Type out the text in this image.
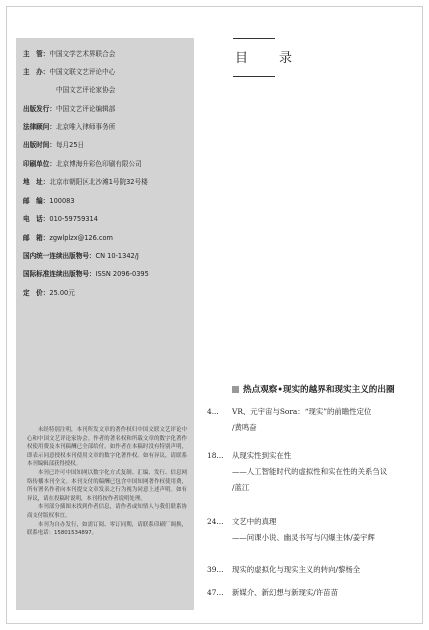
主　管：中国文学艺术界联合会
主　办：中国文联文艺评论中心
中国文艺评论家协会
出版发行：中国文艺评论编辑部
法律顾问：北京唯入律师事务所
出版时间：每月25日
印刷单位：北京博海升彩色印刷有限公司
地　址：北京市朝阳区北沙滩1号院32号楼
邮　编：100083
电　话：010-59759314
邮　箱：zgwlplzx@126.com
国内统一连续出版物号：CN 10-1342/J
国际标准连续出版物号：ISSN 2096-0395
定　价：25.00元

未经特别注明，本刊所发文章的著作权归中国文联文艺评论中心和中国文艺评论家协会。作者的著名权和所载文章的数字化著作权使用费及本刊稿酬已全部给付。如作者在本稿时没有特别声明，即表示同意授权本刊使用文章的数字化著作权。如有异议，请联系本刊编辑部获得授权。

本刊已许可中国知网以数字化方式复制、汇编、发行、信息网络传播本刊全文。本刊支付的稿酬已包含中国知网著作权使用费，所有署名作者向本刊提交文章发表之行为视为同意上述声明。如有异议，请在投稿时说明，本刊将按作者说明处理。

本刊部分插图未找到作者信息，请作者或知情人与我们联系协商支付版权事宜。

本刊为自办发行，如需订阅、零订同期，请联系印刷厂调换，联系电话：15801534897。

目　录
热点观察•现实的越界和现实主义的出圈
4...	VR、元宇宙与Sora：“现实”的前瞻性定位
/黄鸣奋
18...	从现实性到实在性
——人工智能时代的虚拟性和实在性的关系刍议
/蓝江
24...	文艺中的真理
——问课小说、幽灵书写与闪爆主体/姜宇辉
39...	现实的虚拟化与现实主义的转向/黎杨全
47...	新媒介、新幻想与新现实/许苗苗
